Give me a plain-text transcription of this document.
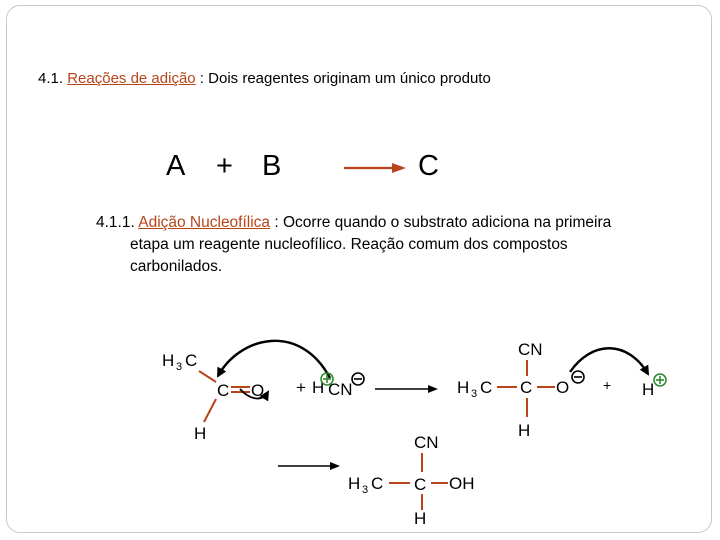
4.1. Reações de adição : Dois reagentes originam um único produto
A + B	C
4.1.1. Adição Nucleofílica : Ocorre quando o substrato adiciona na primeira
etapa um reagente nucleofílico. Reação comum dos compostos
carbonilados.
H 3 C
C O
H
+ H CN	H 3 C C
CN
O
H
+ H
CN
H 3 C C OH
H
